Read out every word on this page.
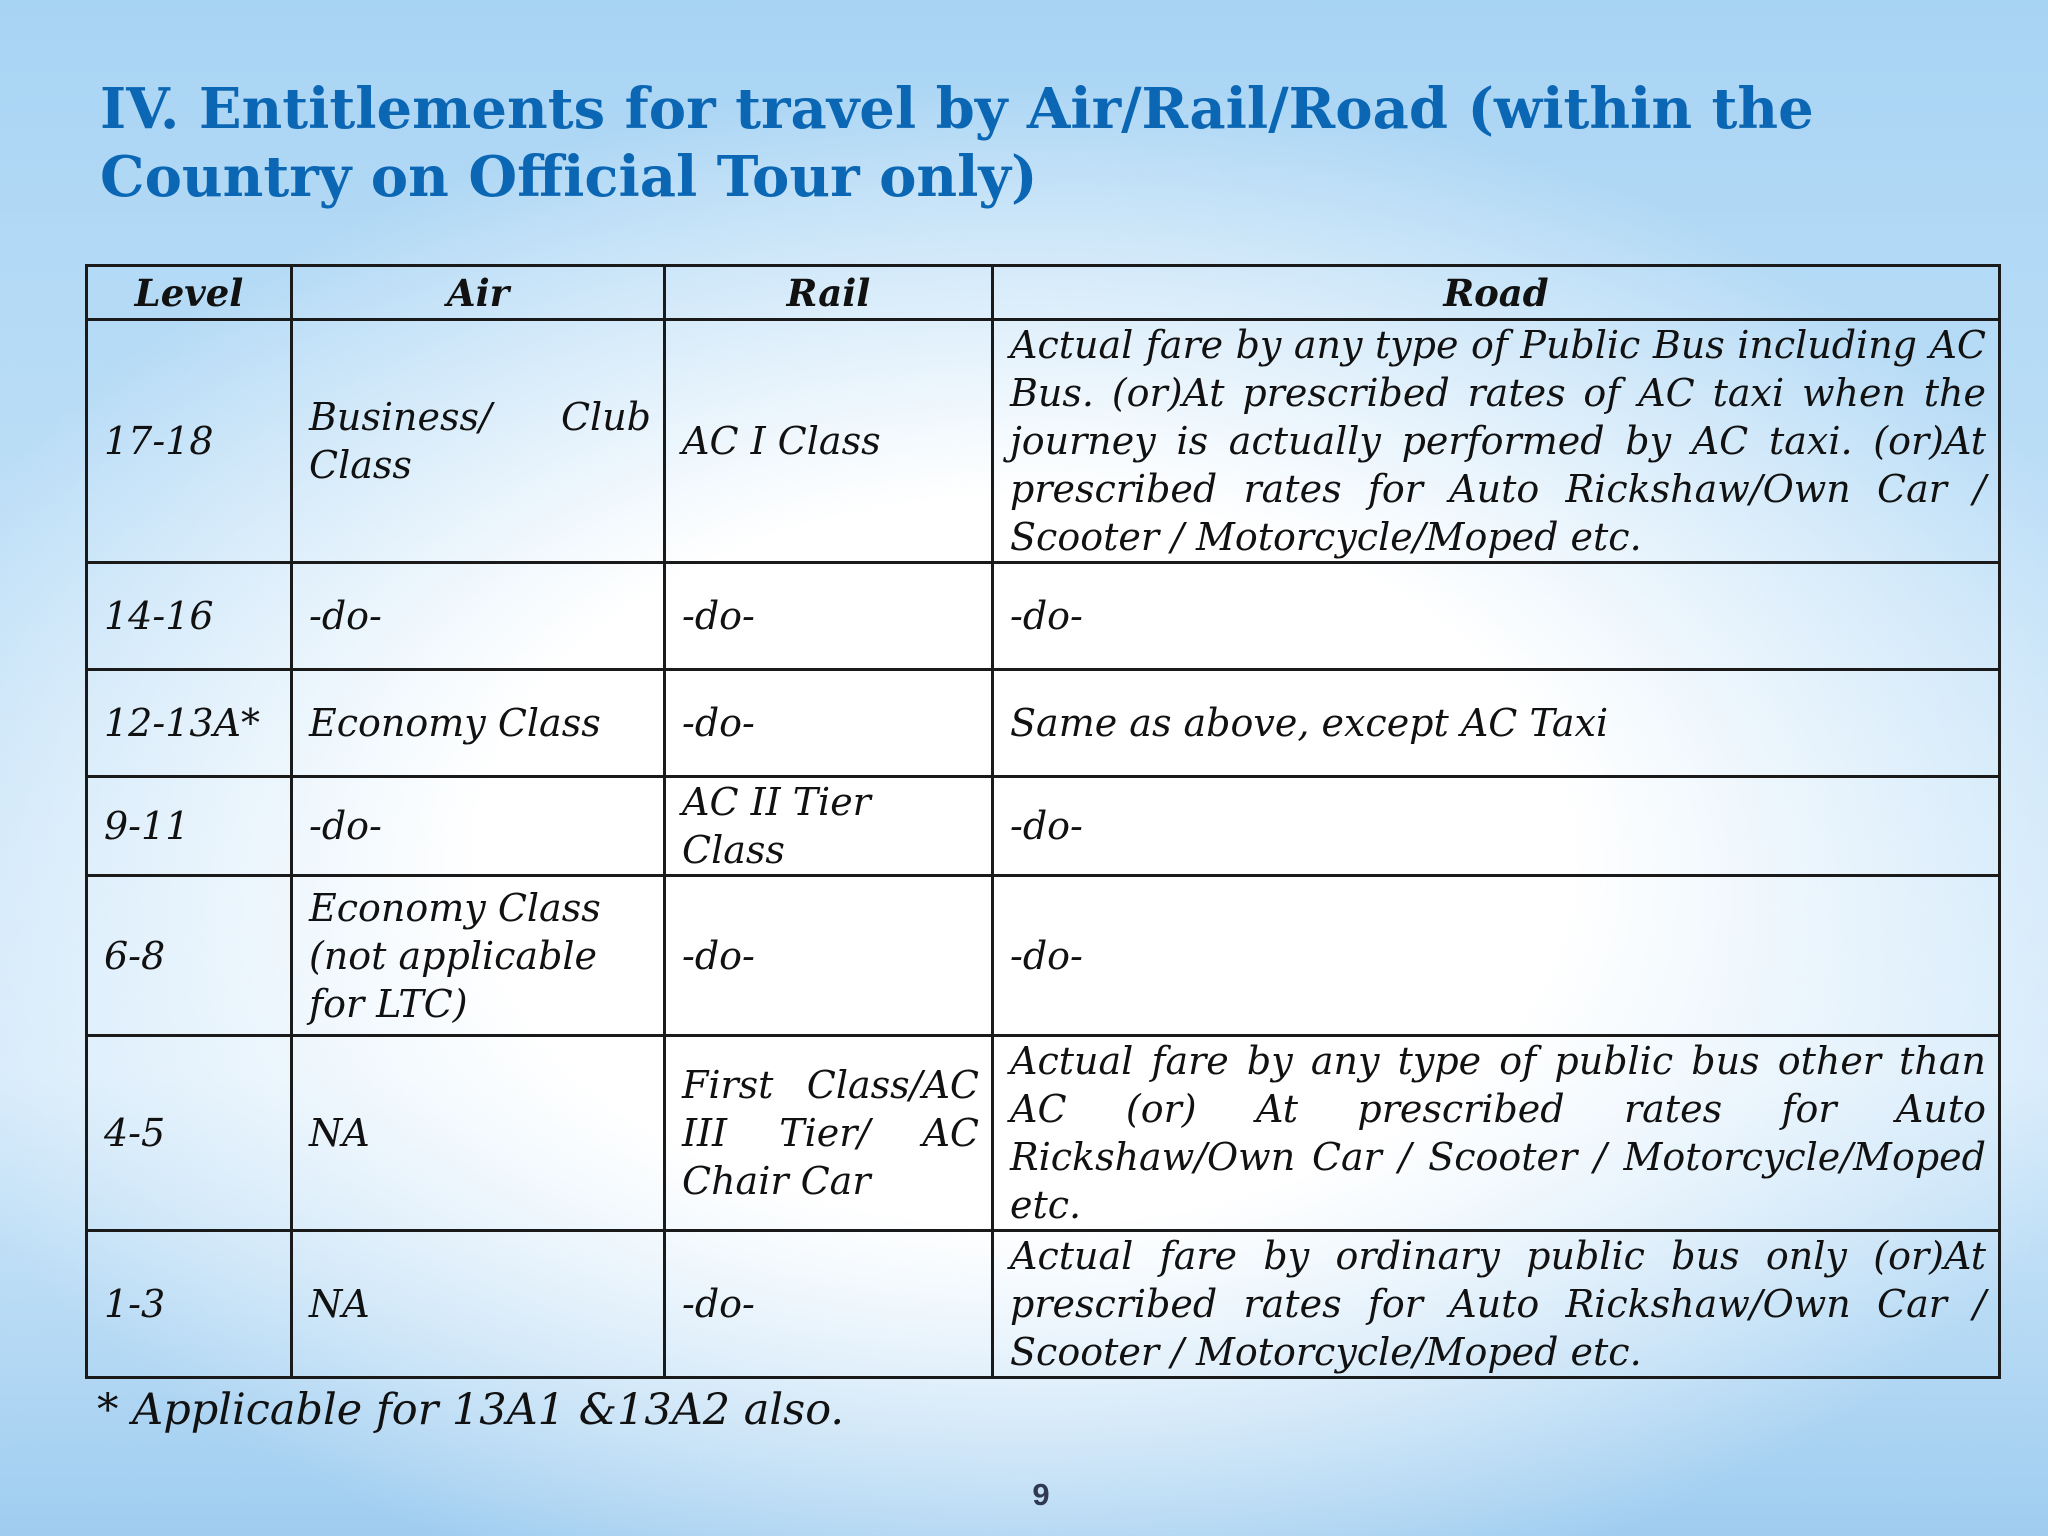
IV. Entitlements for travel by Air/Rail/Road (within the Country on Official Tour only)
Level	Air	Rail	Road
17-18	Business/ Club Class	AC I Class	Actual fare by any type of Public Bus including AC Bus. (or)At prescribed rates of AC taxi when the journey is actually performed by AC taxi. (or)At prescribed rates for Auto Rickshaw/Own Car / Scooter / Motorcycle/Moped etc.
14-16	-do-	-do-	-do-
12-13A*	Economy Class	-do-	Same as above, except AC Taxi
9-11	-do-	AC II Tier Class	-do-
6-8	Economy Class (not applicable for LTC)	-do-	-do-
4-5	NA	First Class/AC III Tier/ AC Chair Car	Actual fare by any type of public bus other than AC (or) At prescribed rates for Auto Rickshaw/Own Car / Scooter / Motorcycle/Moped etc.
1-3	NA	-do-	Actual fare by ordinary public bus only (or)At prescribed rates for Auto Rickshaw/Own Car / Scooter / Motorcycle/Moped etc.

* Applicable for 13A1 &13A2 also.

9
